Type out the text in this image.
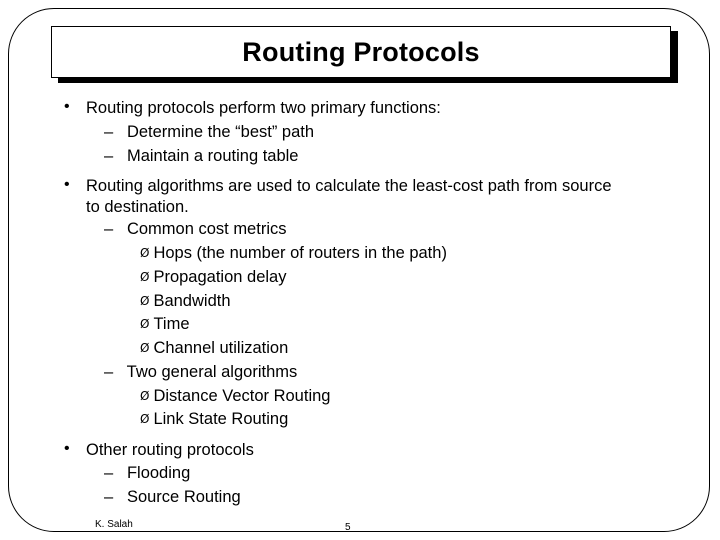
Routing Protocols
• Routing protocols perform two primary functions:
– Determine the “best” path
– Maintain a routing table
• Routing algorithms are used to calculate the least-cost path from source
to destination.
– Common cost metrics
Ø Hops (the number of routers in the path)
Ø Propagation delay
Ø Bandwidth
Ø Time
Ø Channel utilization
– Two general algorithms
Ø Distance Vector Routing
Ø Link State Routing
• Other routing protocols
– Flooding
– Source Routing
K. Salah	5
